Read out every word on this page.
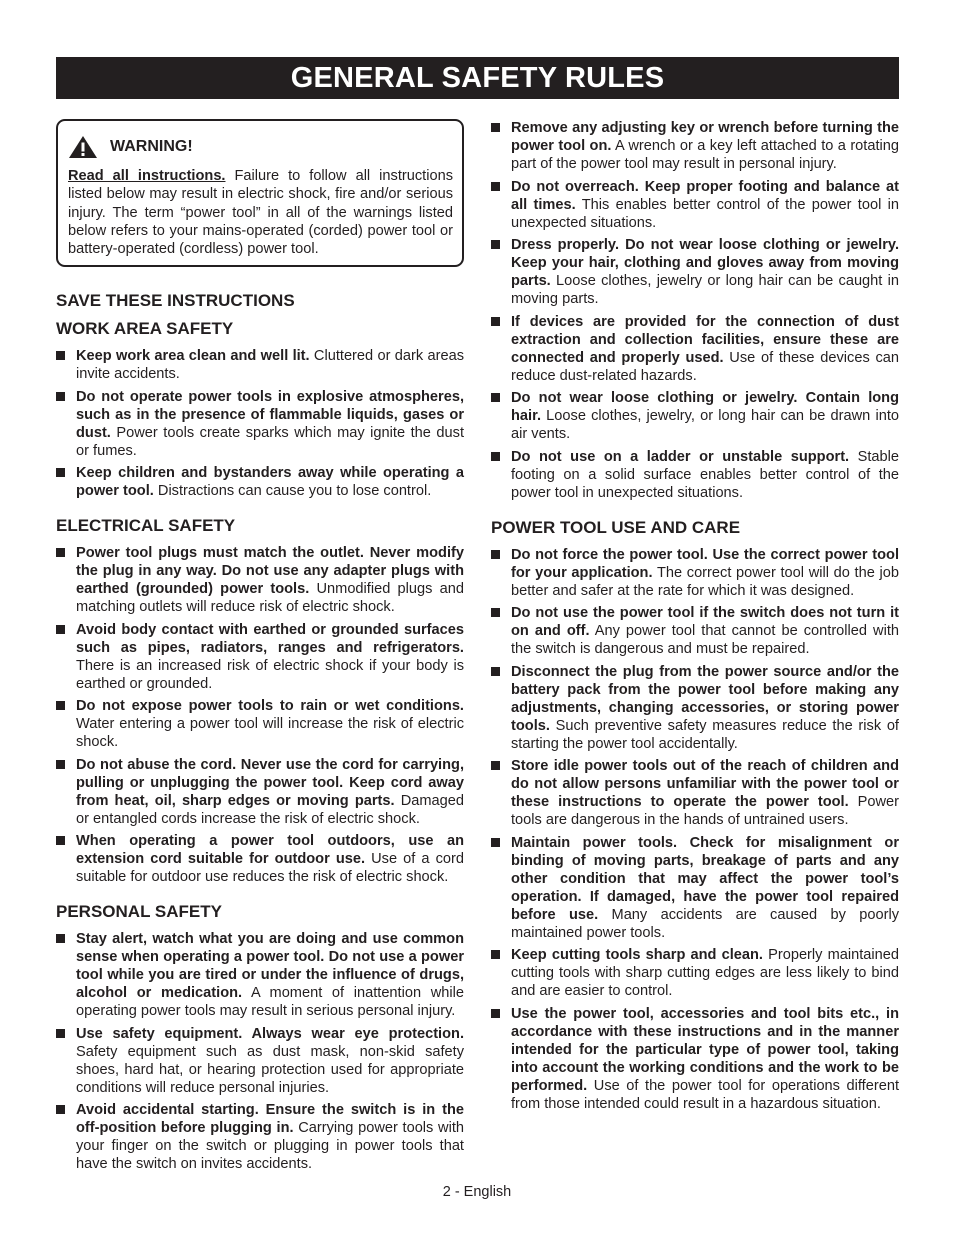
GENERAL SAFETY RULES
WARNING!
Read all instructions. Failure to follow all instructions listed below may result in electric shock, fire and/or serious injury. The term “power tool” in all of the warnings listed below refers to your mains-operated (corded) power tool or battery-operated (cordless) power tool.
SAVE THESE INSTRUCTIONS
WORK AREA SAFETY
Keep work area clean and well lit. Cluttered or dark areas invite accidents.
Do not operate power tools in explosive atmospheres, such as in the presence of flammable liquids, gases or dust. Power tools create sparks which may ignite the dust or fumes.
Keep children and bystanders away while operating a power tool. Distractions can cause you to lose control.
ELECTRICAL SAFETY
Power tool plugs must match the outlet. Never modify the plug in any way. Do not use any adapter plugs with earthed (grounded) power tools. Unmodified plugs and matching outlets will reduce risk of electric shock.
Avoid body contact with earthed or grounded surfaces such as pipes, radiators, ranges and refrigerators. There is an increased risk of electric shock if your body is earthed or grounded.
Do not expose power tools to rain or wet conditions. Water entering a power tool will increase the risk of electric shock.
Do not abuse the cord. Never use the cord for carrying, pulling or unplugging the power tool. Keep cord away from heat, oil, sharp edges or moving parts. Damaged or entangled cords increase the risk of electric shock.
When operating a power tool outdoors, use an extension cord suitable for outdoor use. Use of a cord suitable for outdoor use reduces the risk of electric shock.
PERSONAL SAFETY
Stay alert, watch what you are doing and use common sense when operating a power tool. Do not use a power tool while you are tired or under the influence of drugs, alcohol or medication. A moment of inattention while operating power tools may result in serious personal injury.
Use safety equipment. Always wear eye protection. Safety equipment such as dust mask, non-skid safety shoes, hard hat, or hearing protection used for appropriate conditions will reduce personal injuries.
Avoid accidental starting. Ensure the switch is in the off-position before plugging in. Carrying power tools with your finger on the switch or plugging in power tools that have the switch on invites accidents.
Remove any adjusting key or wrench before turning the power tool on. A wrench or a key left attached to a rotating part of the power tool may result in personal injury.
Do not overreach. Keep proper footing and balance at all times. This enables better control of the power tool in unexpected situations.
Dress properly. Do not wear loose clothing or jewelry. Keep your hair, clothing and gloves away from moving parts. Loose clothes, jewelry or long hair can be caught in moving parts.
If devices are provided for the connection of dust extraction and collection facilities, ensure these are connected and properly used. Use of these devices can reduce dust-related hazards.
Do not wear loose clothing or jewelry. Contain long hair. Loose clothes, jewelry, or long hair can be drawn into air vents.
Do not use on a ladder or unstable support. Stable footing on a solid surface enables better control of the power tool in unexpected situations.
POWER TOOL USE AND CARE
Do not force the power tool. Use the correct power tool for your application. The correct power tool will do the job better and safer at the rate for which it was designed.
Do not use the power tool if the switch does not turn it on and off. Any power tool that cannot be controlled with the switch is dangerous and must be repaired.
Disconnect the plug from the power source and/or the battery pack from the power tool before making any adjustments, changing accessories, or storing power tools. Such preventive safety measures reduce the risk of starting the power tool accidentally.
Store idle power tools out of the reach of children and do not allow persons unfamiliar with the power tool or these instructions to operate the power tool. Power tools are dangerous in the hands of untrained users.
Maintain power tools. Check for misalignment or binding of moving parts, breakage of parts and any other condition that may affect the power tool’s operation. If damaged, have the power tool repaired before use. Many accidents are caused by poorly maintained power tools.
Keep cutting tools sharp and clean. Properly maintained cutting tools with sharp cutting edges are less likely to bind and are easier to control.
Use the power tool, accessories and tool bits etc., in accordance with these instructions and in the manner intended for the particular type of power tool, taking into account the working conditions and the work to be performed. Use of the power tool for operations different from those intended could result in a hazardous situation.
2 - English
